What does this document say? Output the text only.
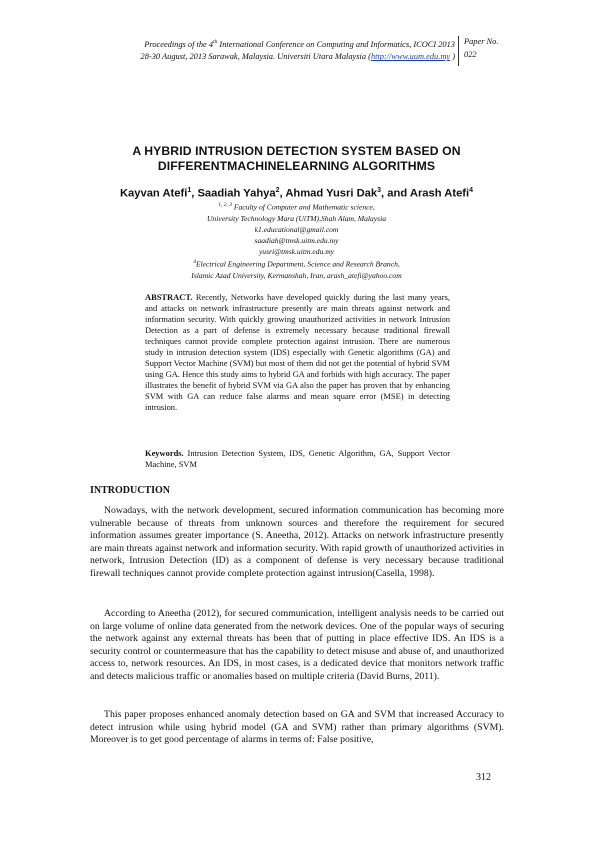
Proceedings of the 4th International Conference on Computing and Informatics, ICOCI 2013
28-30 August, 2013 Sarawak, Malaysia. Universiti Utara Malaysia (http://www.uum.edu.my )
Paper No.
022
A HYBRID INTRUSION DETECTION SYSTEM BASED ON
DIFFERENTMACHINELEARNING ALGORITHMS
Kayvan Atefi$^1$, Saadiah Yahya$^2$, Ahmad Yusri Dak$^3$, and Arash Atefi$^4$
$^{1, 2, 3}$ Faculty of Computer and Mathematic science,
University Technology Mara (UiTM),Shah Alam, Malaysia
k1.educational@gmail.com
saadiah@tmsk.uitm.edu.my
yusri@tmsk.uitm.edu.my
$^4$Electrical Engineering Department, Science and Research Branch,
Islamic Azad University, Kermanshah, Iran, arash_atefi@yahoo.com
ABSTRACT. Recently, Networks have developed quickly during the last many years, and attacks on network infrastructure presently are main threats against network and information security. With quickly growing unauthorized activities in network Intrusion Detection as a part of defense is extremely necessary because traditional firewall techniques cannot provide complete protection against intrusion. There are numerous study in intrusion detection system (IDS) especially with Genetic algorithms (GA) and Support Vector Machine (SVM) but most of them did not get the potential of hybrid SVM using GA. Hence this study aims to hybrid GA and forbids with high accuracy. The paper illustrates the benefit of hybrid SVM via GA also the paper has proven that by enhancing SVM with GA can reduce false alarms and mean square error (MSE) in detecting intrusion.
Keywords. Intrusion Detection System, IDS, Genetic Algorithm, GA, Support Vector Machine, SVM
INTRODUCTION
Nowadays, with the network development, secured information communication has becoming more vulnerable because of threats from unknown sources and therefore the requirement for secured information assumes greater importance (S. Aneetha, 2012). Attacks on network infrastructure presently are main threats against network and information security. With rapid growth of unauthorized activities in network, Intrusion Detection (ID) as a component of defense is very necessary because traditional firewall techniques cannot provide complete protection against intrusion(Casella, 1998).
According to Aneetha (2012), for secured communication, intelligent analysis needs to be carried out on large volume of online data generated from the network devices. One of the popular ways of securing the network against any external threats has been that of putting in place effective IDS. An IDS is a security control or countermeasure that has the capability to detect misuse and abuse of, and unauthorized access to, network resources. An IDS, in most cases, is a dedicated device that monitors network traffic and detects malicious traffic or anomalies based on multiple criteria (David Burns, 2011).
This paper proposes enhanced anomaly detection based on GA and SVM that increased Accuracy to detect intrusion while using hybrid model (GA and SVM) rather than primary algorithms (SVM). Moreover is to get good percentage of alarms in terms of: False positive,
312
